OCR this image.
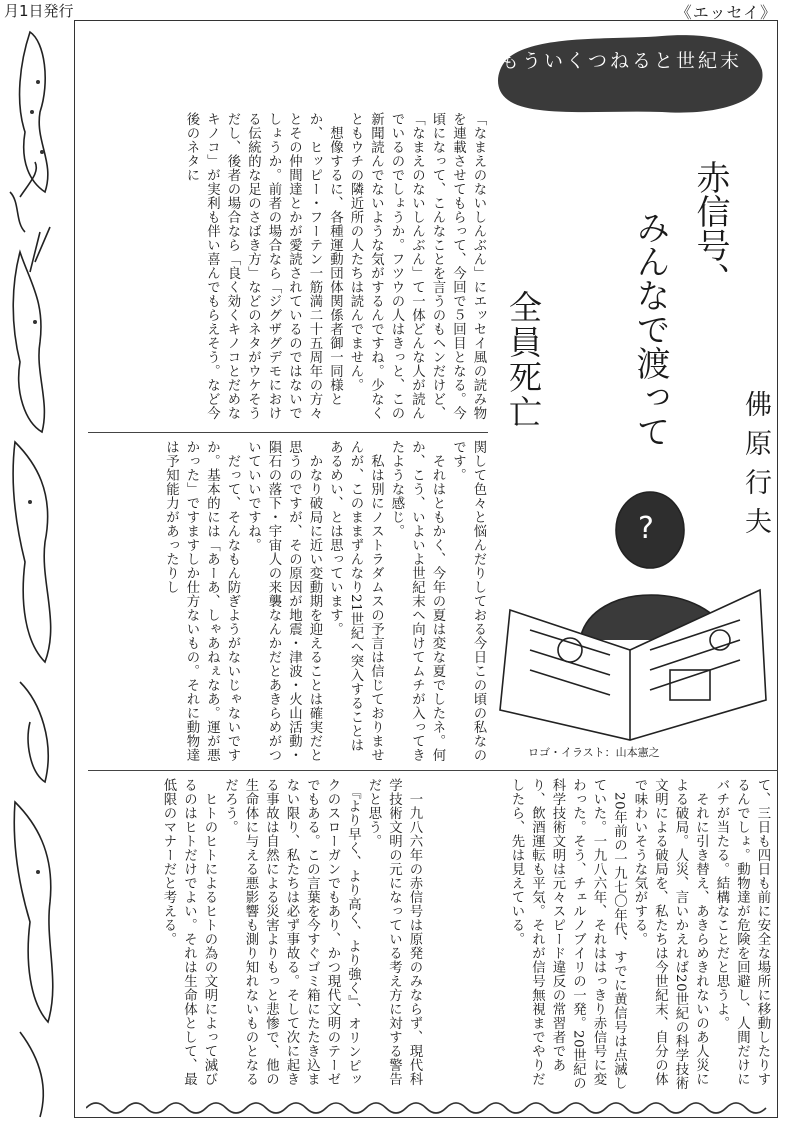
月1日発行	《エッセイ》
もういくつねると世紀末
赤信号、
みんなで渡って
全員死亡
佛原行夫
?
ロゴ・イラスト：山本憲之
「なまえのないしんぶん」にエッセイ風の読み物を連載させてもらって、今回で５回目となる。今頃になって、こんなことを言うのもヘンだけど、「なまえのないしんぶん」て一体どんな人が読んでいるのでしょうか。フツウの人はきっと、この新聞読んでないような気がするんですね。少なくともウチの隣近所の人たちは読んでません。
　想像するに、各種運動団体関係者御一同様とか、ヒッピー・フーテン一筋満二十五周年の方々とその仲間達とかが愛読されているのではないでしょうか。前者の場合なら「ジグザグデモにおける伝統的な足のさばき方」などのネタがウケそうだし、後者の場合なら「良く効くキノコとだめなキノコ」が実利も伴い喜んでもらえそう。など今後のネタに
関して色々と悩んだりしておる今日この頃の私なのです。
　それはともかく、今年の夏は変な夏でしたネ。何か、こう、いよいよ世紀末へ向けてムチが入ってきたような感じ。
　私は別にノストラダムスの予言は信じておりませんが、このままずんなり21世紀へ突入することはあるめい、とは思っています。
　かなり破局に近い変動期を迎えることは確実だと思うのですが、その原因が地震・津波・火山活動・隕石の落下・宇宙人の来襲なんかだとあきらめがついていいですね。
　だって、そんなもん防ぎようがないじゃないですか。基本的には「あーあ、しゃあねぇなあ。運が悪かった」ですますしか仕方ないもの。それに動物達は予知能力があったりし
て、三日も四日も前に安全な場所に移動したりするんでしょ。動物達が危険を回避し、人間だけにバチが当たる。結構なことだと思うよ。
　それに引き替え、あきらめきれないのあ人災による破局。人災、言いかえれば20世紀の科学技術文明による破局を、私たちは今世紀末、自分の体で味わいそうな気がする。
　20年前の一九七〇年代、すでに黄信号は点滅していた。一九八六年、それははっきり赤信号に変わった。そう、チェルノブイリの一発。20世紀の科学技術文明は元々スピード違反の常習者であり、飲酒運転も平気。それが信号無視までやりだしたら、先は見えている。
　一九八六年の赤信号は原発のみならず、現代科学技術文明の元になっている考え方に対する警告だと思う。
　『より早く、より高く、より強く』、オリンピックのスローガンでもあり、かつ現代文明のテーゼでもある。この言葉を今すぐゴミ箱にたたき込まない限り、私たちは必ず事故る。そして次に起きる事故は自然による災害よりもっと悲惨で、他の生命体に与える悪影響も測り知れないものとなるだろう。
　ヒトのヒトによるヒトの為の文明によって滅びるのはヒトだけでよい。それは生命体として、最低限のマナーだと考える。
